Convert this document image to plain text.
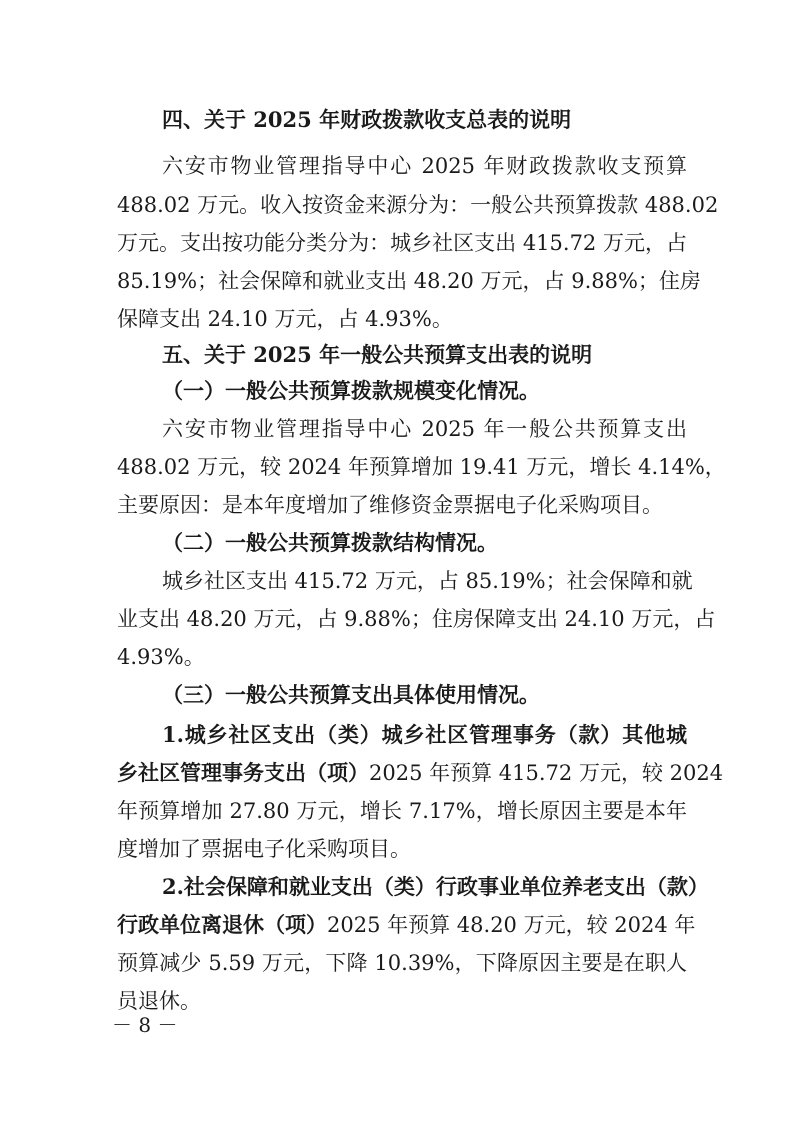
四、关于 2025 年财政拨款收支总表的说明
六安市物业管理指导中心 2025 年财政拨款收支预算
488.02 万元。收入按资金来源分为：一般公共预算拨款 488.02
万元。支出按功能分类分为：城乡社区支出 415.72 万元，占
85.19%；社会保障和就业支出 48.20 万元，占 9.88%；住房
保障支出 24.10 万元，占 4.93%。
五、关于 2025 年一般公共预算支出表的说明
（一）一般公共预算拨款规模变化情况。
六安市物业管理指导中心 2025 年一般公共预算支出
488.02 万元，较 2024 年预算增加 19.41 万元，增长 4.14%，
主要原因：是本年度增加了维修资金票据电子化采购项目。
（二）一般公共预算拨款结构情况。
城乡社区支出 415.72 万元，占 85.19%；社会保障和就
业支出 48.20 万元，占 9.88%；住房保障支出 24.10 万元，占
4.93%。
（三）一般公共预算支出具体使用情况。
1.城乡社区支出（类）城乡社区管理事务（款）其他城
乡社区管理事务支出（项）2025 年预算 415.72 万元，较 2024
年预算增加 27.80 万元，增长 7.17%，增长原因主要是本年
度增加了票据电子化采购项目。
2.社会保障和就业支出（类）行政事业单位养老支出（款）
行政单位离退休（项）2025 年预算 48.20 万元，较 2024 年
预算减少 5.59 万元，下降 10.39%，下降原因主要是在职人
员退休。
－ 8 －
